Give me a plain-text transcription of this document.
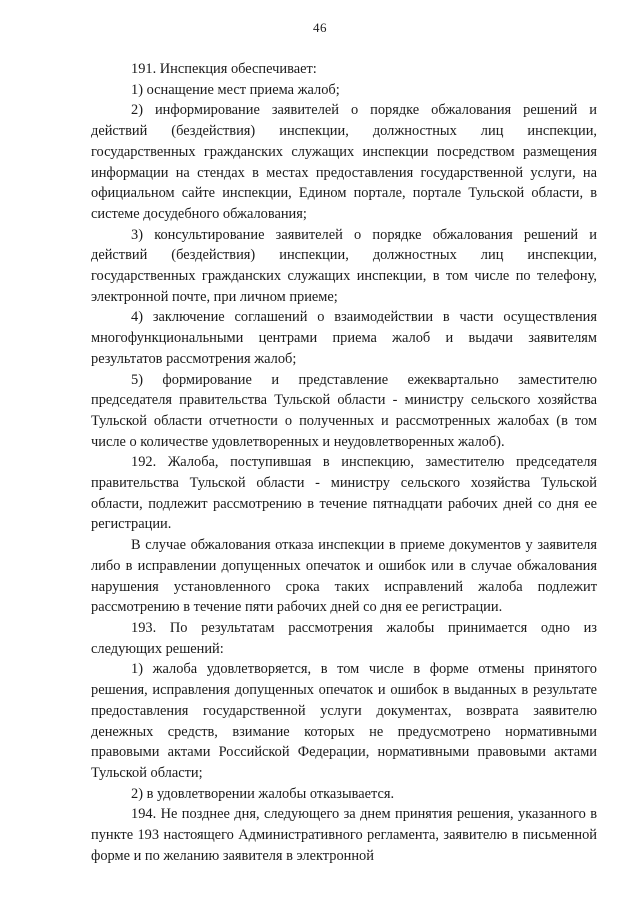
46

191. Инспекция обеспечивает:

1) оснащение мест приема жалоб;

2) информирование заявителей о порядке обжалования решений и действий (бездействия) инспекции, должностных лиц инспекции, государственных гражданских служащих инспекции посредством размещения информации на стендах в местах предоставления государственной услуги, на официальном сайте инспекции, Едином портале, портале Тульской области, в системе досудебного обжалования;

3) консультирование заявителей о порядке обжалования решений и действий (бездействия) инспекции, должностных лиц инспекции, государственных гражданских служащих инспекции, в том числе по телефону, электронной почте, при личном приеме;

4) заключение соглашений о взаимодействии в части осуществления многофункциональными центрами приема жалоб и выдачи заявителям результатов рассмотрения жалоб;

5) формирование и представление ежеквартально заместителю председателя правительства Тульской области - министру сельского хозяйства Тульской области отчетности о полученных и рассмотренных жалобах (в том числе о количестве удовлетворенных и неудовлетворенных жалоб).

192. Жалоба, поступившая в инспекцию, заместителю председателя правительства Тульской области - министру сельского хозяйства Тульской области, подлежит рассмотрению в течение пятнадцати рабочих дней со дня ее регистрации.

В случае обжалования отказа инспекции в приеме документов у заявителя либо в исправлении допущенных опечаток и ошибок или в случае обжалования нарушения установленного срока таких исправлений жалоба подлежит рассмотрению в течение пяти рабочих дней со дня ее регистрации.

193. По результатам рассмотрения жалобы принимается одно из следующих решений:

1) жалоба удовлетворяется, в том числе в форме отмены принятого решения, исправления допущенных опечаток и ошибок в выданных в результате предоставления государственной услуги документах, возврата заявителю денежных средств, взимание которых не предусмотрено нормативными правовыми актами Российской Федерации, нормативными правовыми актами Тульской области;

2) в удовлетворении жалобы отказывается.

194. Не позднее дня, следующего за днем принятия решения, указанного в пункте 193 настоящего Административного регламента, заявителю в письменной форме и по желанию заявителя в электронной
